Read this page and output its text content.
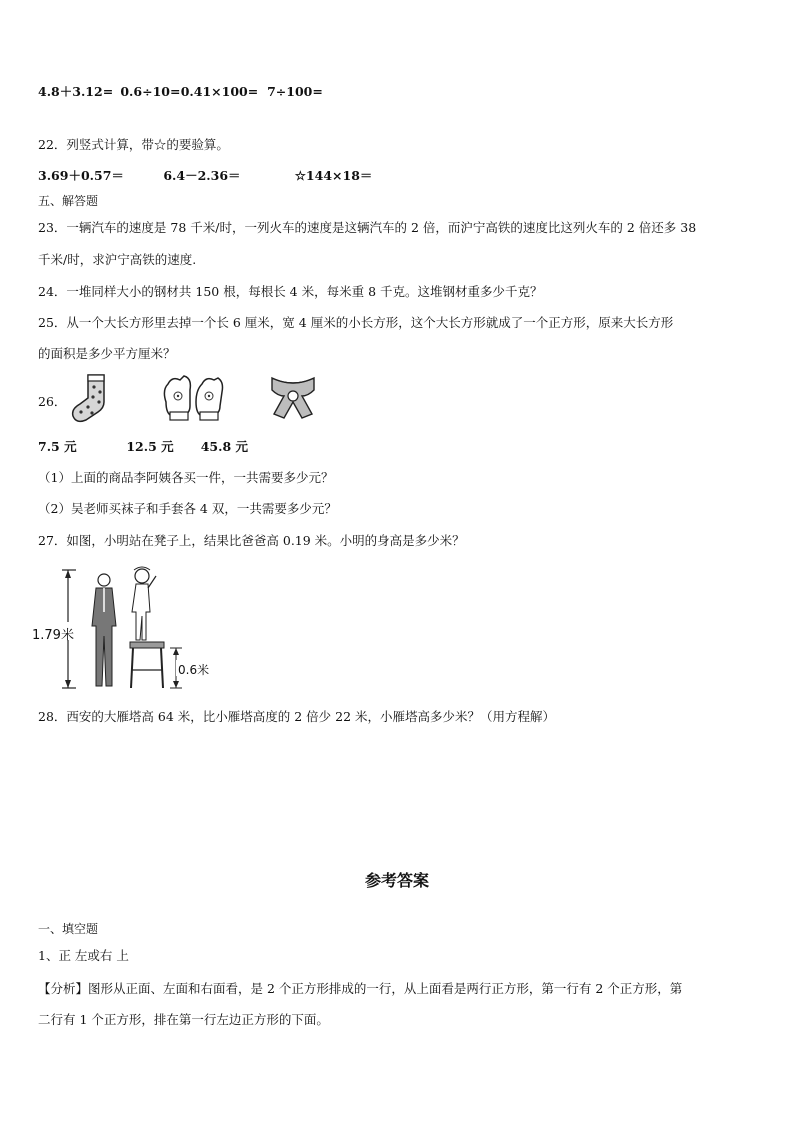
4.8＋3.12= 0.6÷10= 0.41×100= 7÷100=
22．列竖式计算，带☆的要验算。
3.69＋0.57＝	6.4－2.36＝	☆144×18＝
五、解答题
23．一辆汽车的速度是 78 千米/时，一列火车的速度是这辆汽车的 2 倍，而沪宁高铁的速度比这列火车的 2 倍还多 38
千米/时，求沪宁高铁的速度.
24．一堆同样大小的钢材共 150 根，每根长 4 米，每米重 8 千克。这堆钢材重多少千克？
25．从一个大长方形里去掉一个长 6 厘米，宽 4 厘米的小长方形，这个大长方形就成了一个正方形，原来大长方形
的面积是多少平方厘米？
26．
7.5 元	12.5 元 45.8 元
（1）上面的商品李阿姨各买一件，一共需要多少元？
（2）吴老师买袜子和手套各 4 双，一共需要多少元？
27．如图，小明站在凳子上，结果比爸爸高 0.19 米。小明的身高是多少米？
1.79米
0.6米
28．西安的大雁塔高 64 米，比小雁塔高度的 2 倍少 22 米，小雁塔高多少米？（用方程解）
参考答案
一、填空题
1、正 左或右 上
【分析】图形从正面、左面和右面看，是 2 个正方形排成的一行，从上面看是两行正方形，第一行有 2 个正方形，第
二行有 1 个正方形，排在第一行左边正方形的下面。
